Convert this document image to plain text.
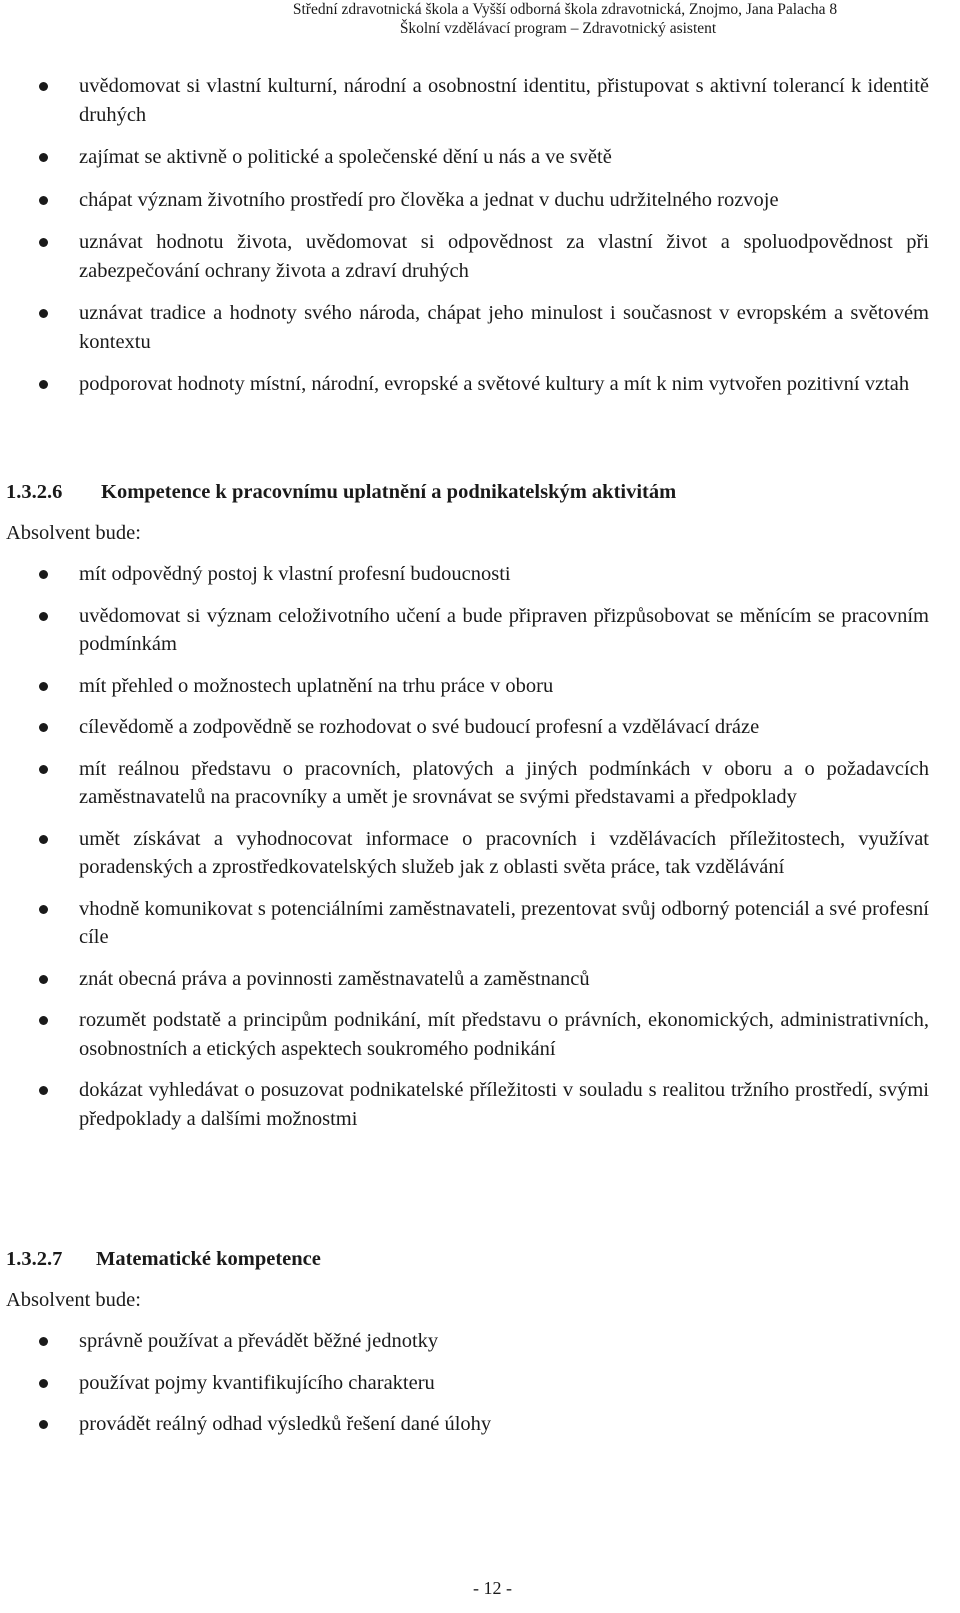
Střední zdravotnická škola a Vyšší odborná škola zdravotnická, Znojmo, Jana Palacha 8
Školní vzdělávací program – Zdravotnický asistent
uvědomovat si vlastní kulturní, národní a osobnostní identitu, přistupovat s aktivní tolerancí k identitě druhých
zajímat se aktivně o politické a společenské dění u nás a ve světě
chápat význam životního prostředí pro člověka a jednat v duchu udržitelného rozvoje
uznávat hodnotu života, uvědomovat si odpovědnost za vlastní život a spoluodpovědnost při zabezpečování ochrany života a zdraví druhých
uznávat tradice a hodnoty svého národa, chápat jeho minulost i současnost v evropském a světovém kontextu
podporovat hodnoty místní, národní, evropské a světové kultury a mít k nim vytvořen pozitivní vztah
1.3.2.6 Kompetence k pracovnímu uplatnění a podnikatelským aktivitám
Absolvent bude:
mít odpovědný postoj k vlastní profesní budoucnosti
uvědomovat si význam celoživotního učení a bude připraven přizpůsobovat se měnícím se pracovním podmínkám
mít přehled o možnostech uplatnění na trhu práce v oboru
cílevědomě a zodpovědně se rozhodovat o své budoucí profesní a vzdělávací dráze
mít reálnou představu o pracovních, platových a jiných podmínkách v oboru a o požadavcích zaměstnavatelů na pracovníky a umět je srovnávat se svými představami a předpoklady
umět získávat a vyhodnocovat informace o pracovních i vzdělávacích příležitostech, využívat poradenských a zprostředkovatelských služeb jak z oblasti světa práce, tak vzdělávání
vhodně komunikovat s potenciálními zaměstnavateli, prezentovat svůj odborný potenciál a své profesní cíle
znát obecná práva a povinnosti zaměstnavatelů a zaměstnanců
rozumět podstatě a principům podnikání, mít představu o právních, ekonomických, administrativních, osobnostních a etických aspektech soukromého podnikání
dokázat vyhledávat o posuzovat podnikatelské příležitosti v souladu s realitou tržního prostředí, svými předpoklady a dalšími možnostmi
1.3.2.7 Matematické kompetence
Absolvent bude:
správně používat a převádět běžné jednotky
používat pojmy kvantifikujícího charakteru
provádět reálný odhad výsledků řešení dané úlohy
- 12 -
